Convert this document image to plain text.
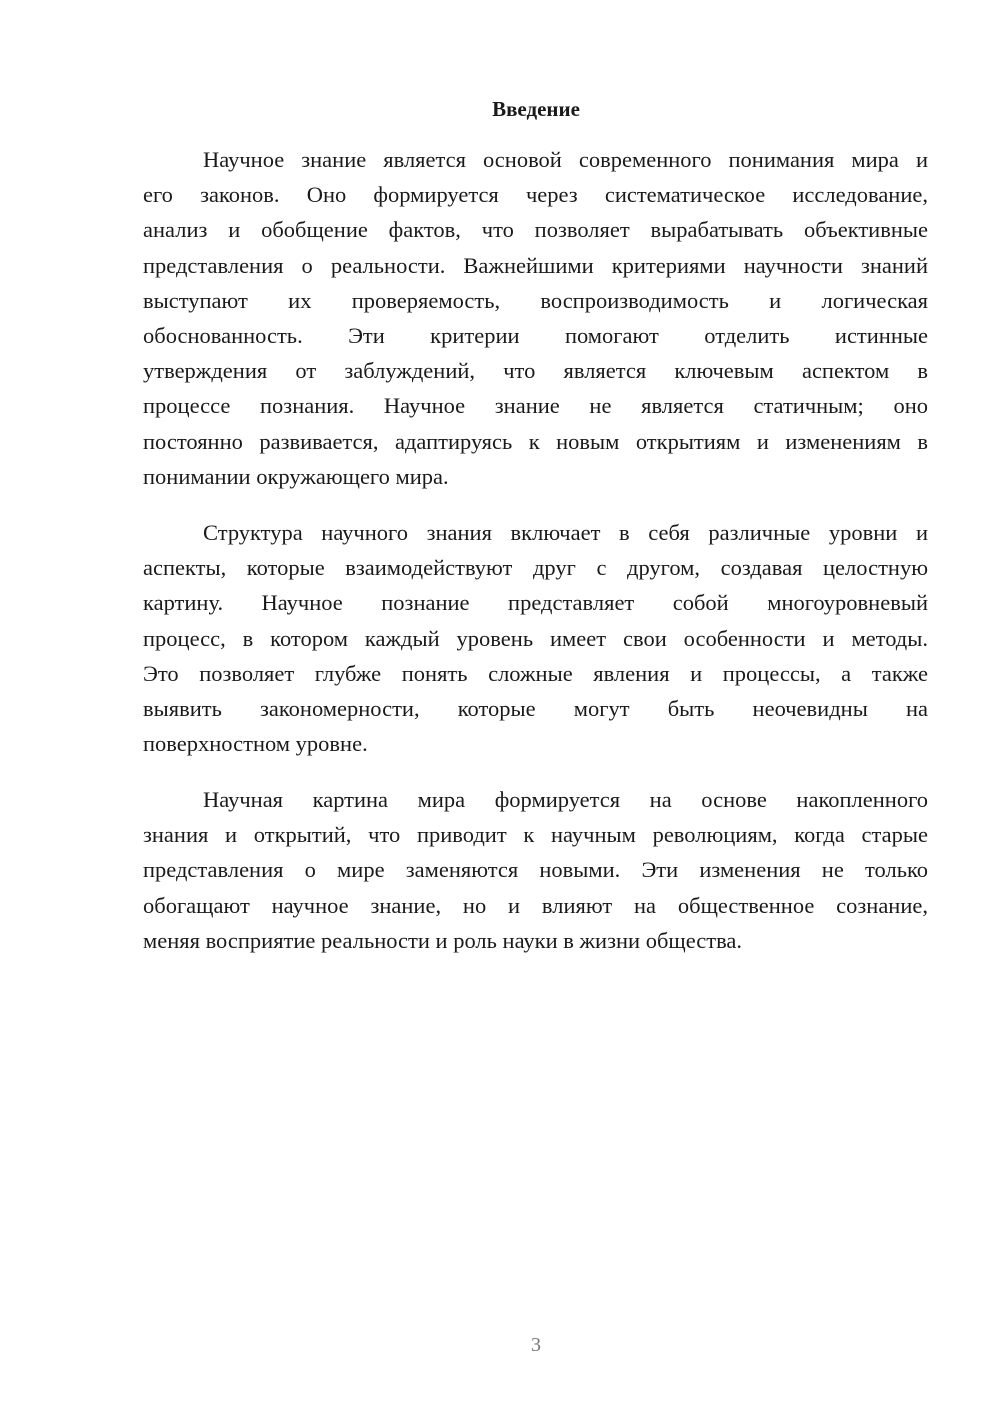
Введение
Научное знание является основой современного понимания мира и
его законов. Оно формируется через систематическое исследование,
анализ и обобщение фактов, что позволяет вырабатывать объективные
представления о реальности. Важнейшими критериями научности знаний
выступают их проверяемость, воспроизводимость и логическая
обоснованность. Эти критерии помогают отделить истинные
утверждения от заблуждений, что является ключевым аспектом в
процессе познания. Научное знание не является статичным; оно
постоянно развивается, адаптируясь к новым открытиям и изменениям в
понимании окружающего мира.
Структура научного знания включает в себя различные уровни и
аспекты, которые взаимодействуют друг с другом, создавая целостную
картину. Научное познание представляет собой многоуровневый
процесс, в котором каждый уровень имеет свои особенности и методы.
Это позволяет глубже понять сложные явления и процессы, а также
выявить закономерности, которые могут быть неочевидны на
поверхностном уровне.
Научная картина мира формируется на основе накопленного
знания и открытий, что приводит к научным революциям, когда старые
представления о мире заменяются новыми. Эти изменения не только
обогащают научное знание, но и влияют на общественное сознание,
меняя восприятие реальности и роль науки в жизни общества.
3
